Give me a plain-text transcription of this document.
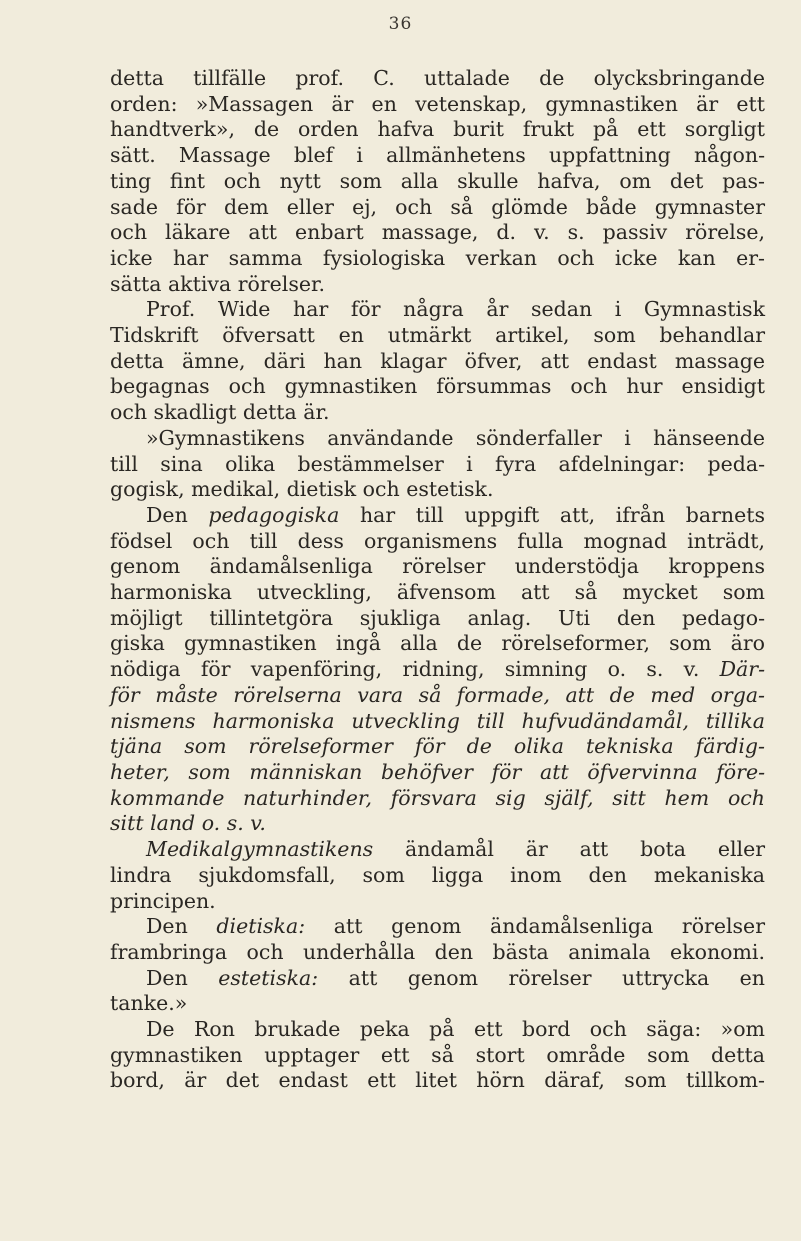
36
detta tillfälle prof. C. uttalade de olycksbringande
orden: »Massagen är en vetenskap, gymnastiken är ett
handtverk», de orden hafva burit frukt på ett sorgligt
sätt. Massage blef i allmänhetens uppfattning någon-
ting fint och nytt som alla skulle hafva, om det pas-
sade för dem eller ej, och så glömde både gymnaster
och läkare att enbart massage, d. v. s. passiv rörelse,
icke har samma fysiologiska verkan och icke kan er-
sätta aktiva rörelser.
Prof. Wide har för några år sedan i Gymnastisk
Tidskrift öfversatt en utmärkt artikel, som behandlar
detta ämne, däri han klagar öfver, att endast massage
begagnas och gymnastiken försummas och hur ensidigt
och skadligt detta är.
»Gymnastikens användande sönderfaller i hänseende
till sina olika bestämmelser i fyra afdelningar: peda-
gogisk, medikal, dietisk och estetisk.
Den pedagogiska har till uppgift att, ifrån barnets
födsel och till dess organismens fulla mognad inträdt,
genom ändamålsenliga rörelser understödja kroppens
harmoniska utveckling, äfvensom att så mycket som
möjligt tillintetgöra sjukliga anlag. Uti den pedago-
giska gymnastiken ingå alla de rörelseformer, som äro
nödiga för vapenföring, ridning, simning o. s. v. Där-
för måste rörelserna vara så formade, att de med orga-
nismens harmoniska utveckling till hufvudändamål, tillika
tjäna som rörelseformer för de olika tekniska färdig-
heter, som människan behöfver för att öfvervinna före-
kommande naturhinder, försvara sig själf, sitt hem och
sitt land o. s. v.
Medikalgymnastikens ändamål är att bota eller
lindra sjukdomsfall, som ligga inom den mekaniska
principen.
Den dietiska: att genom ändamålsenliga rörelser
frambringa och underhålla den bästa animala ekonomi.
Den estetiska: att genom rörelser uttrycka en
tanke.»
De Ron brukade peka på ett bord och säga: »om
gymnastiken upptager ett så stort område som detta
bord, är det endast ett litet hörn däraf, som tillkom-
